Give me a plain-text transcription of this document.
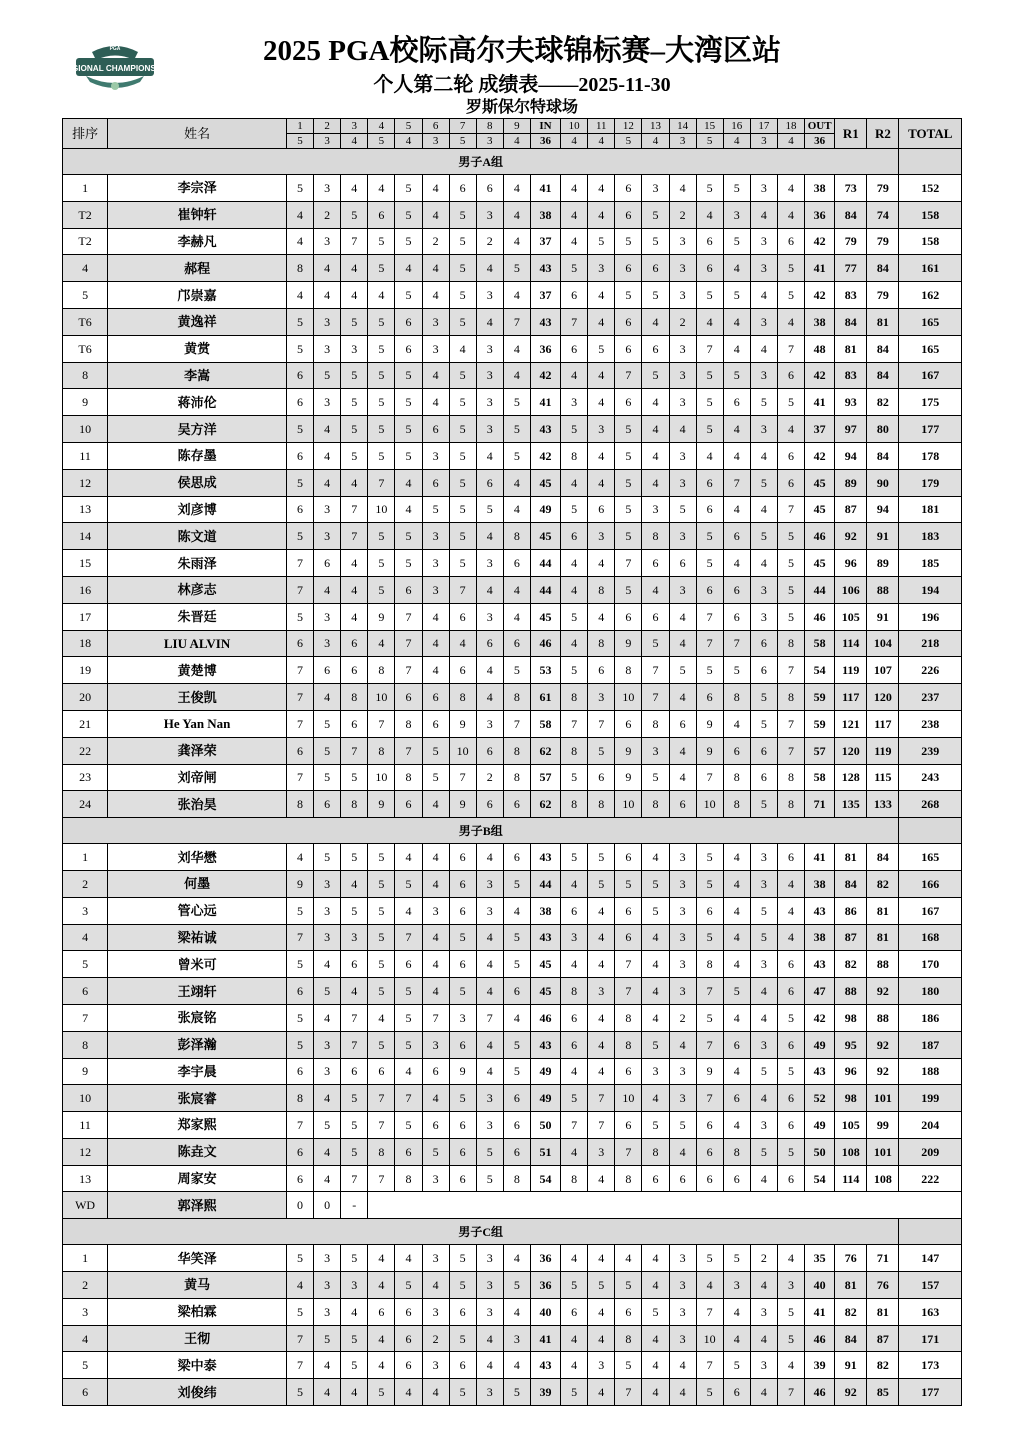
PGA
REGIONAL CHAMPIONSHIP
2025 PGA校际高尔夫球锦标赛–大湾区站
个人第二轮 成绩表——2025-11-30
罗斯保尔特球场
排序	姓名	1	2	3	4	5	6	7	8	9	IN	10	11	12	13	14	15	16	17	18	OUT	R1	R2	TOTAL
		5	3	4	5	4	3	5	3	4	36	4	4	5	4	3	5	4	3	4	36			
男子A组																								
1	李宗泽	5	3	4	4	5	4	6	6	4	41	4	4	6	3	4	5	5	3	4	38	73	79	152
T2	崔钟轩	4	2	5	6	5	4	5	3	4	38	4	4	6	5	2	4	3	4	4	36	84	74	158
T2	李赫凡	4	3	7	5	5	2	5	2	4	37	4	5	5	5	3	6	5	3	6	42	79	79	158
4	郝程	8	4	4	5	4	4	5	4	5	43	5	3	6	6	3	6	4	3	5	41	77	84	161
5	邝崇嘉	4	4	4	4	5	4	5	3	4	37	6	4	5	5	3	5	5	4	5	42	83	79	162
T6	黄逸祥	5	3	5	5	6	3	5	4	7	43	7	4	6	4	2	4	4	3	4	38	84	81	165
T6	黄赏	5	3	3	5	6	3	4	3	4	36	6	5	6	6	3	7	4	4	7	48	81	84	165
8	李嵩	6	5	5	5	5	4	5	3	4	42	4	4	7	5	3	5	5	3	6	42	83	84	167
9	蒋沛伦	6	3	5	5	5	4	5	3	5	41	3	4	6	4	3	5	6	5	5	41	93	82	175
10	吴方洋	5	4	5	5	5	6	5	3	5	43	5	3	5	4	4	5	4	3	4	37	97	80	177
11	陈存墨	6	4	5	5	5	3	5	4	5	42	8	4	5	4	3	4	4	4	6	42	94	84	178
12	侯思成	5	4	4	7	4	6	5	6	4	45	4	4	5	4	3	6	7	5	6	45	89	90	179
13	刘彦博	6	3	7	10	4	5	5	5	4	49	5	6	5	3	5	6	4	4	7	45	87	94	181
14	陈文道	5	3	7	5	5	3	5	4	8	45	6	3	5	8	3	5	6	5	5	46	92	91	183
15	朱雨泽	7	6	4	5	5	3	5	3	6	44	4	4	7	6	6	5	4	4	5	45	96	89	185
16	林彦志	7	4	4	5	6	3	7	4	4	44	4	8	5	4	3	6	6	3	5	44	106	88	194
17	朱晋廷	5	3	4	9	7	4	6	3	4	45	5	4	6	6	4	7	6	3	5	46	105	91	196
18	LIU ALVIN	6	3	6	4	7	4	4	6	6	46	4	8	9	5	4	7	7	6	8	58	114	104	218
19	黄楚博	7	6	6	8	7	4	6	4	5	53	5	6	8	7	5	5	5	6	7	54	119	107	226
20	王俊凯	7	4	8	10	6	6	8	4	8	61	8	3	10	7	4	6	8	5	8	59	117	120	237
21	He Yan Nan	7	5	6	7	8	6	9	3	7	58	7	7	6	8	6	9	4	5	7	59	121	117	238
22	龚泽荣	6	5	7	8	7	5	10	6	8	62	8	5	9	3	4	9	6	6	7	57	120	119	239
23	刘帝闸	7	5	5	10	8	5	7	2	8	57	5	6	9	5	4	7	8	6	8	58	128	115	243
24	张治昊	8	6	8	9	6	4	9	6	6	62	8	8	10	8	6	10	8	5	8	71	135	133	268
男子B组																								
1	刘华懋	4	5	5	5	4	4	6	4	6	43	5	5	6	4	3	5	4	3	6	41	81	84	165
2	何墨	9	3	4	5	5	4	6	3	5	44	4	5	5	5	3	5	4	3	4	38	84	82	166
3	管心远	5	3	5	5	4	3	6	3	4	38	6	4	6	5	3	6	4	5	4	43	86	81	167
4	梁祐诚	7	3	3	5	7	4	5	4	5	43	3	4	6	4	3	5	4	5	4	38	87	81	168
5	曾米可	5	4	6	5	6	4	6	4	5	45	4	4	7	4	3	8	4	3	6	43	82	88	170
6	王翊轩	6	5	4	5	5	4	5	4	6	45	8	3	7	4	3	7	5	4	6	47	88	92	180
7	张宸铭	5	4	7	4	5	7	3	7	4	46	6	4	8	4	2	5	4	4	5	42	98	88	186
8	彭泽瀚	5	3	7	5	5	3	6	4	5	43	6	4	8	5	4	7	6	3	6	49	95	92	187
9	李宇晨	6	3	6	6	4	6	9	4	5	49	4	4	6	3	3	9	4	5	5	43	96	92	188
10	张宸睿	8	4	5	7	7	4	5	3	6	49	5	7	10	4	3	7	6	4	6	52	98	101	199
11	郑家熙	7	5	5	7	5	6	6	3	6	50	7	7	6	5	5	6	4	3	6	49	105	99	204
12	陈垚文	6	4	5	8	6	5	6	5	6	51	4	3	7	8	4	6	8	5	5	50	108	101	209
13	周家安	6	4	7	7	8	3	6	5	8	54	8	4	8	6	6	6	6	4	6	54	114	108	222
WD	郭泽熙	0	0	-																				
男子C组																								
1	华笑泽	5	3	5	4	4	3	5	3	4	36	4	4	4	4	3	5	5	2	4	35	76	71	147
2	黄马	4	3	3	4	5	4	5	3	5	36	5	5	5	4	3	4	3	4	3	40	81	76	157
3	梁柏霖	5	3	4	6	6	3	6	3	4	40	6	4	6	5	3	7	4	3	5	41	82	81	163
4	王彻	7	5	5	4	6	2	5	4	3	41	4	4	8	4	3	10	4	4	5	46	84	87	171
5	梁中泰	7	4	5	4	6	3	6	4	4	43	4	3	5	4	4	7	5	3	4	39	91	82	173
6	刘俊纬	5	4	4	5	4	4	5	3	5	39	5	4	7	4	4	5	6	4	7	46	92	85	177
